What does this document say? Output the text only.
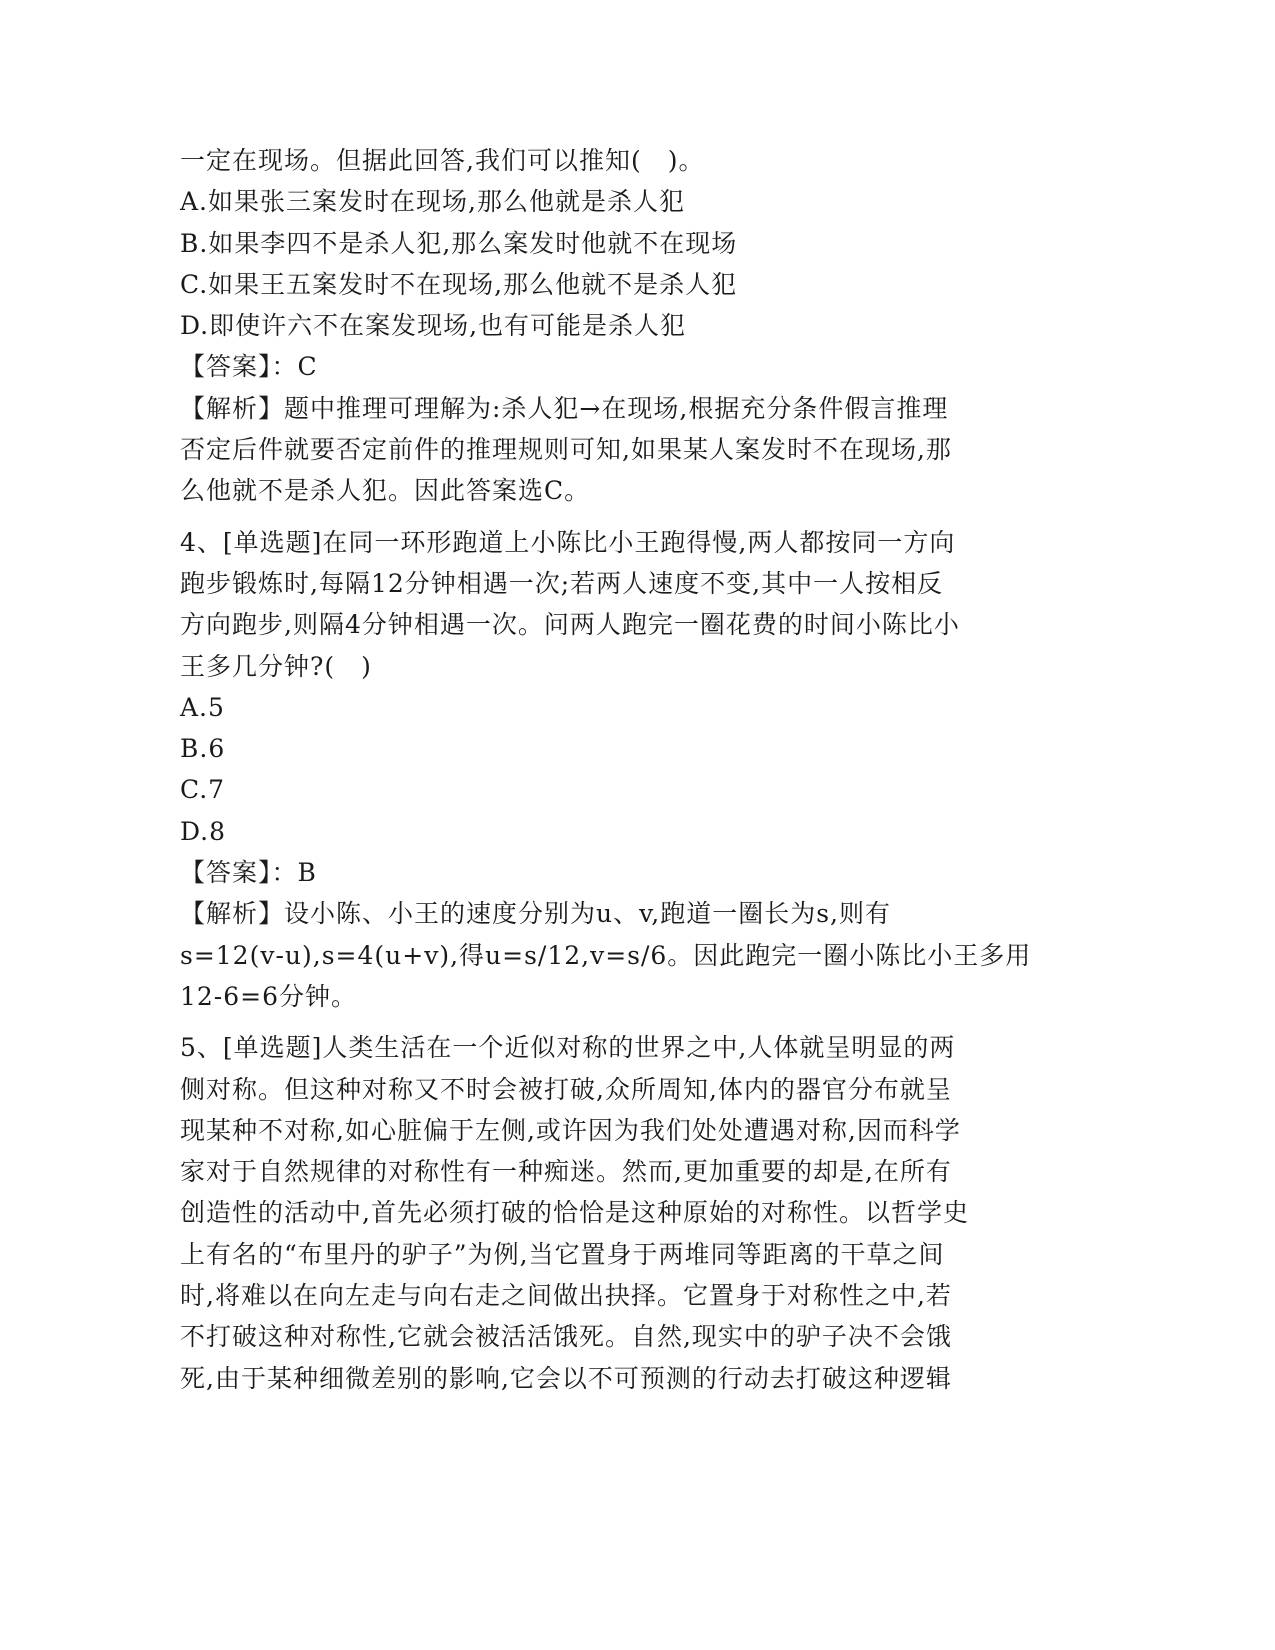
一定在现场。但据此回答,我们可以推知(　)。
A.如果张三案发时在现场,那么他就是杀人犯
B.如果李四不是杀人犯,那么案发时他就不在现场
C.如果王五案发时不在现场,那么他就不是杀人犯
D.即使许六不在案发现场,也有可能是杀人犯
【答案】：C
【解析】题中推理可理解为:杀人犯→在现场,根据充分条件假言推理
否定后件就要否定前件的推理规则可知,如果某人案发时不在现场,那
么他就不是杀人犯。因此答案选C。
4、[单选题]在同一环形跑道上小陈比小王跑得慢,两人都按同一方向
跑步锻炼时,每隔12分钟相遇一次;若两人速度不变,其中一人按相反
方向跑步,则隔4分钟相遇一次。问两人跑完一圈花费的时间小陈比小
王多几分钟?(　)
A.5
B.6
C.7
D.8
【答案】：B
【解析】设小陈、小王的速度分别为u、v,跑道一圈长为s,则有
s=12(v-u),s=4(u+v),得u=s/12,v=s/6。因此跑完一圈小陈比小王多用
12-6=6分钟。
5、[单选题]人类生活在一个近似对称的世界之中,人体就呈明显的两
侧对称。但这种对称又不时会被打破,众所周知,体内的器官分布就呈
现某种不对称,如心脏偏于左侧,或许因为我们处处遭遇对称,因而科学
家对于自然规律的对称性有一种痴迷。然而,更加重要的却是,在所有
创造性的活动中,首先必须打破的恰恰是这种原始的对称性。以哲学史
上有名的“布里丹的驴子”为例,当它置身于两堆同等距离的干草之间
时,将难以在向左走与向右走之间做出抉择。它置身于对称性之中,若
不打破这种对称性,它就会被活活饿死。自然,现实中的驴子决不会饿
死,由于某种细微差别的影响,它会以不可预测的行动去打破这种逻辑
